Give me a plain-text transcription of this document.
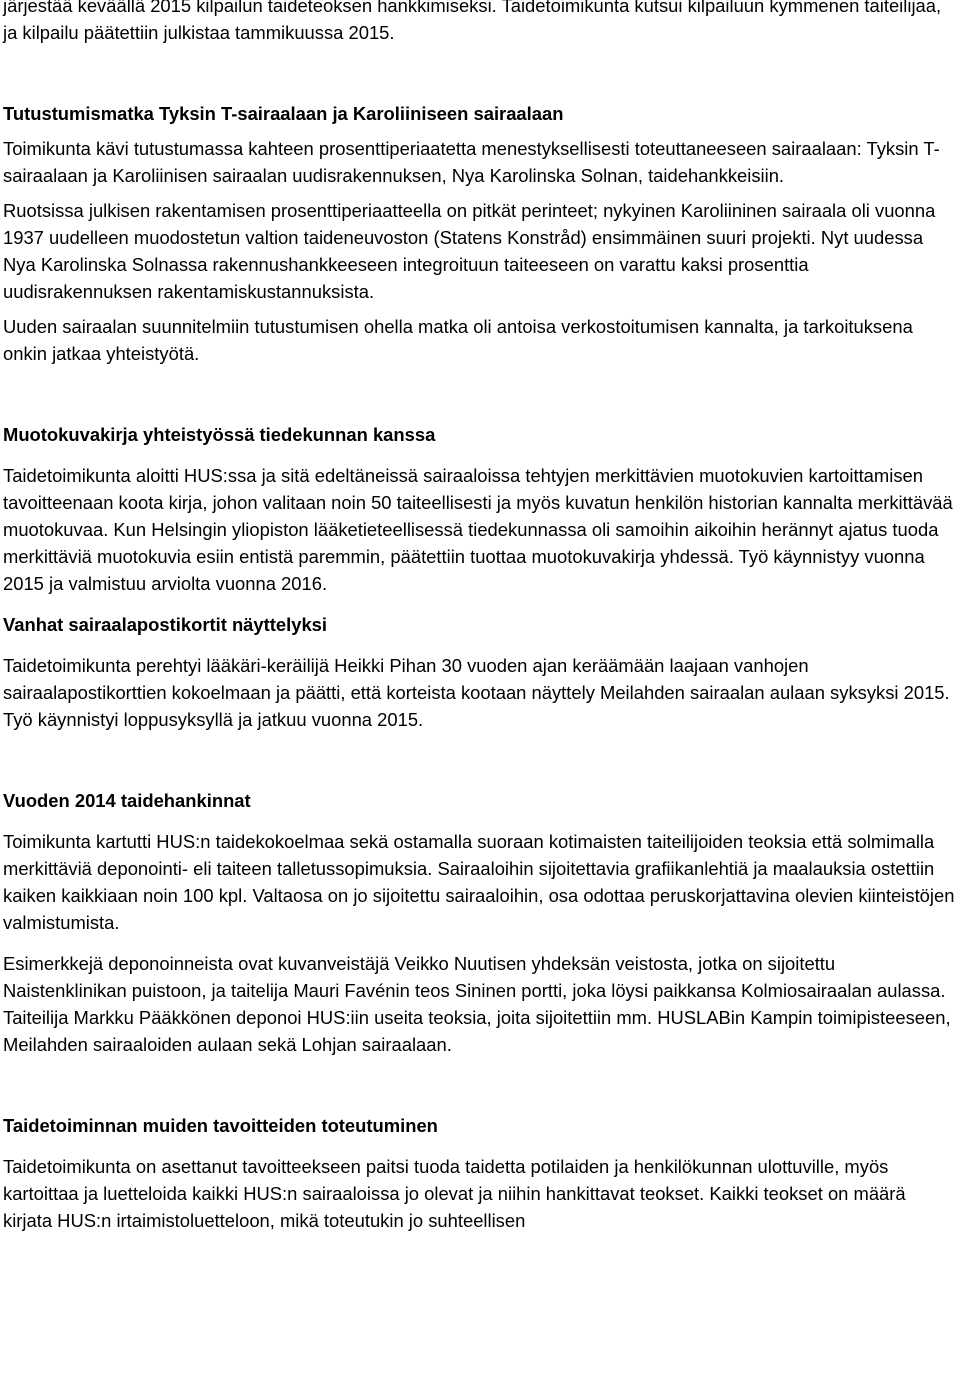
järjestää keväällä 2015 kilpailun taideteoksen hankkimiseksi. Taidetoimikunta kutsui kilpailuun kymmenen taiteilijaa, ja kilpailu päätettiin julkistaa tammikuussa 2015.

Tutustumismatka Tyksin T-sairaalaan ja Karoliiniseen sairaalaan

Toimikunta kävi tutustumassa kahteen prosenttiperiaatetta menestyksellisesti toteuttaneeseen sairaalaan: Tyksin T-sairaalaan ja Karoliinisen sairaalan uudisrakennuksen, Nya Karolinska Solnan, taidehankkeisiin.

Ruotsissa julkisen rakentamisen prosenttiperiaatteella on pitkät perinteet; nykyinen Karoliininen sairaala oli vuonna 1937 uudelleen muodostetun valtion taideneuvoston (Statens Konstråd) ensimmäinen suuri projekti. Nyt uudessa Nya Karolinska Solnassa rakennushankkeeseen integroituun taiteeseen on varattu kaksi prosenttia uudisrakennuksen rakentamiskustannuksista.

Uuden sairaalan suunnitelmiin tutustumisen ohella matka oli antoisa verkostoitumisen kannalta, ja tarkoituksena onkin jatkaa yhteistyötä.

Muotokuvakirja yhteistyössä tiedekunnan kanssa

Taidetoimikunta aloitti HUS:ssa ja sitä edeltäneissä sairaaloissa tehtyjen merkittävien muotokuvien kartoittamisen tavoitteenaan koota kirja, johon valitaan noin 50 taiteellisesti ja myös kuvatun henkilön historian kannalta merkittävää muotokuvaa. Kun Helsingin yliopiston lääketieteellisessä tiedekunnassa oli samoihin aikoihin herännyt ajatus tuoda merkittäviä muotokuvia esiin entistä paremmin, päätettiin tuottaa muotokuvakirja yhdessä. Työ käynnistyy vuonna 2015 ja valmistuu arviolta vuonna 2016.

Vanhat sairaalapostikortit näyttelyksi

Taidetoimikunta perehtyi lääkäri-keräilijä Heikki Pihan 30 vuoden ajan keräämään laajaan vanhojen sairaalapostikorttien kokoelmaan ja päätti, että korteista kootaan näyttely Meilahden sairaalan aulaan syksyksi 2015. Työ käynnistyi loppusyksyllä ja jatkuu vuonna 2015.

Vuoden 2014 taidehankinnat

Toimikunta kartutti HUS:n taidekokoelmaa sekä ostamalla suoraan kotimaisten taiteilijoiden teoksia että solmimalla merkittäviä deponointi- eli taiteen talletussopimuksia. Sairaaloihin sijoitettavia grafiikanlehtiä ja maalauksia ostettiin kaiken kaikkiaan noin 100 kpl. Valtaosa on jo sijoitettu sairaaloihin, osa odottaa peruskorjattavina olevien kiinteistöjen valmistumista.

Esimerkkejä deponoinneista ovat kuvanveistäjä Veikko Nuutisen yhdeksän veistosta, jotka on sijoitettu Naistenklinikan puistoon, ja taitelija Mauri Favénin teos Sininen portti, joka löysi paikkansa Kolmiosairaalan aulassa. Taiteilija Markku Pääkkönen deponoi HUS:iin useita teoksia, joita sijoitettiin mm. HUSLABin Kampin toimipisteeseen, Meilahden sairaaloiden aulaan sekä Lohjan sairaalaan.

Taidetoiminnan muiden tavoitteiden toteutuminen

Taidetoimikunta on asettanut tavoitteekseen paitsi tuoda taidetta potilaiden ja henkilökunnan ulottuville, myös kartoittaa ja luetteloida kaikki HUS:n sairaaloissa jo olevat ja niihin hankittavat teokset. Kaikki teokset on määrä kirjata HUS:n irtaimistoluetteloon, mikä toteutukin jo suhteellisen
